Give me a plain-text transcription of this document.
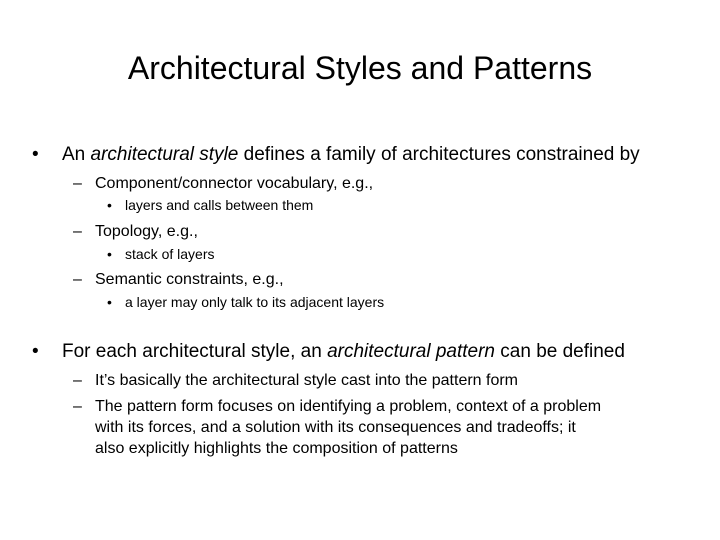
Architectural Styles and Patterns
• An architectural style defines a family of architectures constrained by
– Component/connector vocabulary, e.g.,
• layers and calls between them
– Topology, e.g.,
• stack of layers
– Semantic constraints, e.g.,
• a layer may only talk to its adjacent layers
• For each architectural style, an architectural pattern can be defined
– It’s basically the architectural style cast into the pattern form
– The pattern form focuses on identifying a problem, context of a problem
with its forces, and a solution with its consequences and tradeoffs; it
also explicitly highlights the composition of patterns
